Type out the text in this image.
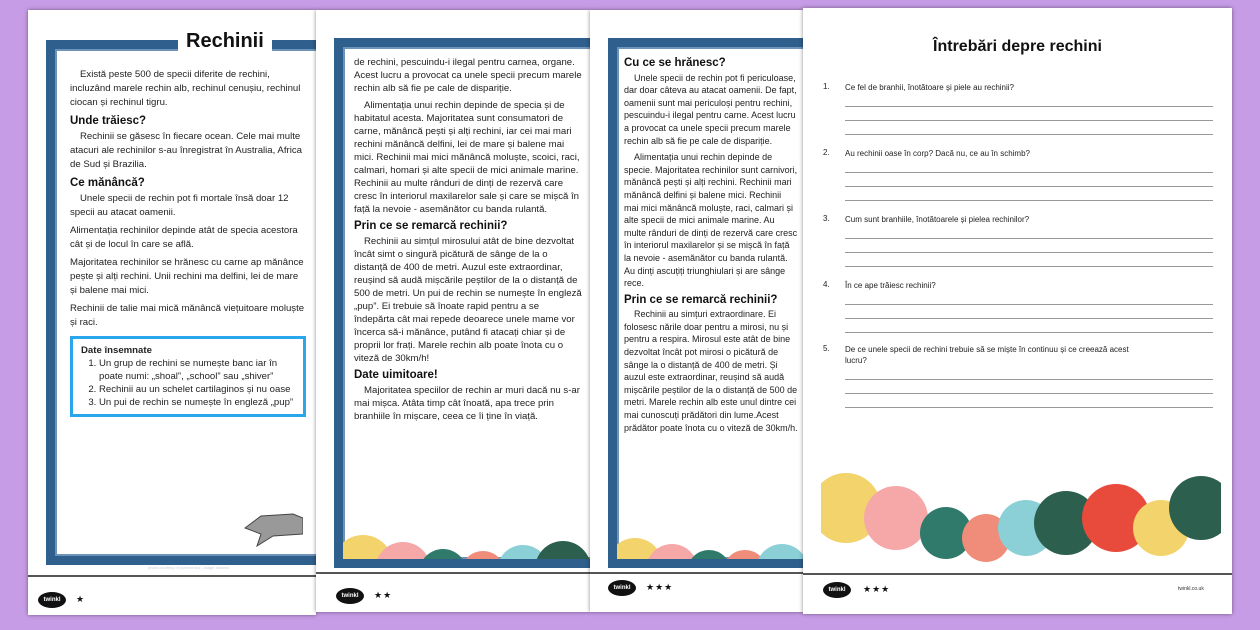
Rechinii

Există peste 500 de specii diferite de rechini, incluzând marele rechin alb, rechinul cenușiu, rechinul ciocan și rechinul tigru.

Unde trăiesc?

Rechinii se găsesc în fiecare ocean. Cele mai multe atacuri ale rechinilor s-au înregistrat în Australia, Africa de Sud și Brazilia.

Ce mănâncă?

Unele specii de rechin pot fi mortale însă doar 12 specii au atacat oamenii.

Alimentația rechinilor depinde atât de specia acestora cât și de locul în care se află.

Majoritatea rechinilor se hrănesc cu carne ap mănânce pește și alți rechini. Unii rechini ma delfini, lei de mare și balene mai mici.

Rechinii de talie mai mică mănâncă viețuitoare moluște și raci.

Date însemnate
1. Un grup de rechini se numește banc iar în poate numi: „shoal”, „school” sau „shiver”
2. Rechinii au un schelet cartilaginos și nu oase
3. Un pui de rechin se numește în engleză „pup”
photo courtesy of (wikimedia) - usage allowed
twinkl	★

de rechini, pescuindu-i ilegal pentru carnea, organe. Acest lucru a provocat ca unele specii precum marele rechin alb să fie pe cale de dispariție.

Alimentația unui rechin depinde de specia și de habitatul acesta. Majoritatea sunt consumatori de carne, mănâncă pești și alți rechini, iar cei mai mari rechini mănâncă delfini, lei de mare și balene mai mici. Rechinii mai mici mănâncă moluște, scoici, raci, calmari, homari și alte specii de mici animale marine. Rechinii au multe rânduri de dinți de rezervă care cresc în interiorul maxilarelor sale și care se mișcă în față la nevoie - asemănător cu banda rulantă.

Prin ce se remarcă rechinii?

Rechinii au simțul mirosului atât de bine dezvoltat încât simt o singură picătură de sânge de la o distanță de 400 de metri. Auzul este extraordinar, reușind să audă mișcările peștilor de la o distanță de 500 de metri. Un pui de rechin se numește în engleză „pup”. Ei trebuie să înoate rapid pentru a se îndepărta cât mai repede deoarece unele mame vor încerca să-i mănânce, putând fi atacați chiar și de proprii lor frați. Marele rechin alb poate înota cu o viteză de 30km/h!

Date uimitoare!

Majoritatea speciilor de rechin ar muri dacă nu s-ar mai mișca. Atâta timp cât înoată, apa trece prin branhiile în mișcare, ceea ce îi ține în viață.

twinkl	★★
Cu ce se hrănesc?

Unele specii de rechin pot fi periculoase, dar doar câteva au atacat oamenii. De fapt, oamenii sunt mai periculoși pentru rechini, pescuindu-i ilegal pentru carne. Acest lucru a provocat ca unele specii precum marele rechin alb să fie pe cale de dispariție.

Alimentația unui rechin depinde de specie. Majoritatea rechinilor sunt carnivori, mănâncă pești și alți rechini. Rechinii mari mănâncă delfini și balene mici. Rechinii mai mici mănâncă moluște, raci, calmari și alte specii de mici animale marine. Au multe rânduri de dinți de rezervă care cresc în interiorul maxilarelor și se mișcă în față la nevoie - asemănător cu banda rulantă. Au dinți ascuțiți triunghiulari și are sânge rece.

Prin ce se remarcă rechinii?

Rechinii au simțuri extraordinare. Ei folosesc nările doar pentru a mirosi, nu și pentru a respira. Mirosul este atât de bine dezvoltat încât pot mirosi o picătură de sânge la o distanță de 400 de metri. Și auzul este extraordinar, reușind să audă mișcările peștilor de la o distanță de 500 de metri. Marele rechin alb este unul dintre cei mai cunoscuți prădători din lume.Acest prădător poate înota cu o viteză de 30km/h.

twinkl	★★★
Întrebări depre rechini
1. Ce fel de branhii, înotătoare și piele au rechinii?
2. Au rechinii oase în corp? Dacă nu, ce au în schimb?
3. Cum sunt branhiile, înotătoarele și pielea rechinilor?
4. În ce ape trăiesc rechinii?
5. De ce unele specii de rechini trebuie să se miște în continuu și ce creează acest lucru?
twinkl	★★★	twinkl.co.uk
